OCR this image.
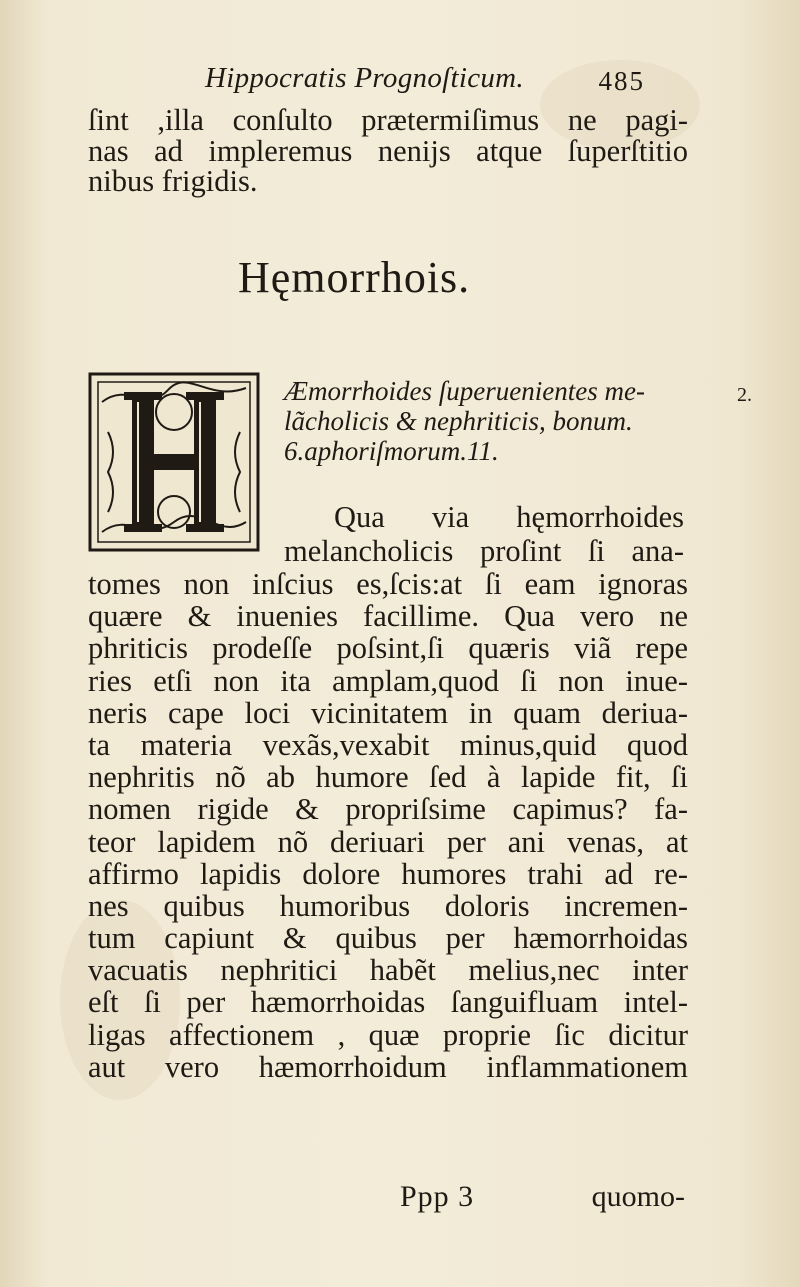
Hippocratis Prognoſticum.	485
ſint ,illa conſulto prætermiſimus ne pagi-
nas ad impleremus nenijs atque ſuperſtitio
nibus frigidis.
Hęmorrhois.
Æmorrhoides ſuperuenientes me-
lãcholicis & nephriticis, bonum.
6.aphoriſmorum.11.
2.
Qua via hęmorrhoides
melancholicis proſint ſi ana-
tomes non inſcius es,ſcis:at ſi eam ignoras
quære & inuenies facillime. Qua vero ne
phriticis prodeſſe poſsint,ſi quæris viã repe
ries etſi non ita amplam,quod ſi non inue-
neris cape loci vicinitatem in quam deriua-
ta materia vexãs,vexabit minus,quid quod
nephritis nõ ab humore ſed à lapide fit, ſi
nomen rigide & propriſsime capimus? fa-
teor lapidem nõ deriuari per ani venas, at
affirmo lapidis dolore humores trahi ad re-
nes quibus humoribus doloris incremen-
tum capiunt & quibus per hæmorrhoidas
vacuatis nephritici habẽt melius,nec inter
eſt ſi per hæmorrhoidas ſanguifluam intel-
ligas affectionem , quæ proprie ſic dicitur
aut vero hæmorrhoidum inflammationem
Ppp 3	quomo-
